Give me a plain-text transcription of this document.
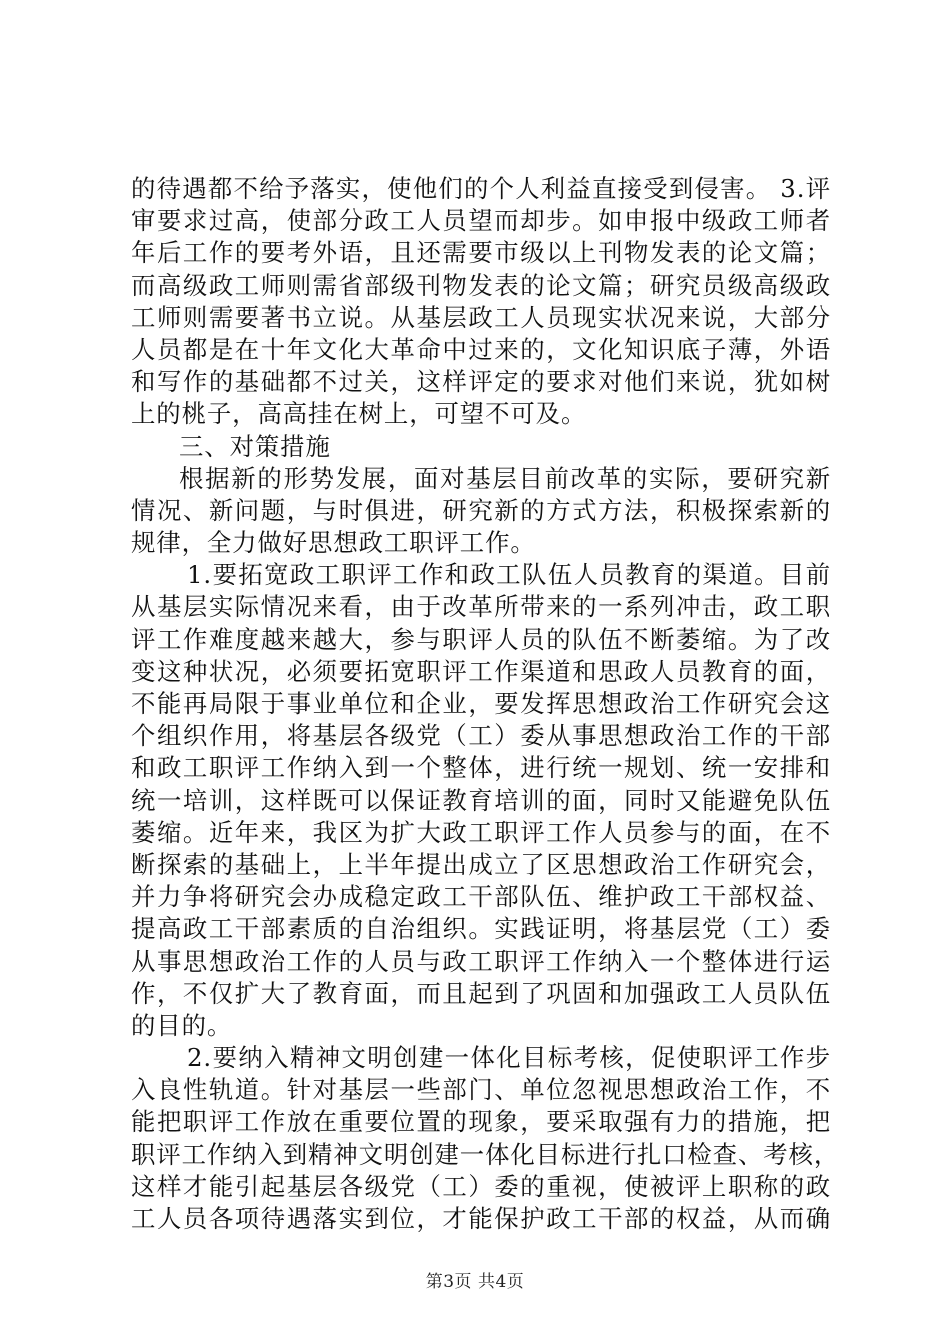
的待遇都不给予落实，使他们的个人利益直接受到侵害。 3.评
审要求过高，使部分政工人员望而却步。如申报中级政工师者
年后工作的要考外语，且还需要市级以上刊物发表的论文篇；
而高级政工师则需省部级刊物发表的论文篇；研究员级高级政
工师则需要著书立说。从基层政工人员现实状况来说，大部分
人员都是在十年文化大革命中过来的，文化知识底子薄，外语
和写作的基础都不过关，这样评定的要求对他们来说，犹如树
上的桃子，高高挂在树上，可望不可及。
三、对策措施
根据新的形势发展，面对基层目前改革的实际，要研究新
情况、新问题，与时俱进，研究新的方式方法，积极探索新的
规律，全力做好思想政工职评工作。
1.要拓宽政工职评工作和政工队伍人员教育的渠道。目前
从基层实际情况来看，由于改革所带来的一系列冲击，政工职
评工作难度越来越大，参与职评人员的队伍不断萎缩。为了改
变这种状况，必须要拓宽职评工作渠道和思政人员教育的面，
不能再局限于事业单位和企业，要发挥思想政治工作研究会这
个组织作用，将基层各级党（工）委从事思想政治工作的干部
和政工职评工作纳入到一个整体，进行统一规划、统一安排和
统一培训，这样既可以保证教育培训的面，同时又能避免队伍
萎缩。近年来，我区为扩大政工职评工作人员参与的面，在不
断探索的基础上，上半年提出成立了区思想政治工作研究会，
并力争将研究会办成稳定政工干部队伍、维护政工干部权益、
提高政工干部素质的自治组织。实践证明，将基层党（工）委
从事思想政治工作的人员与政工职评工作纳入一个整体进行运
作，不仅扩大了教育面，而且起到了巩固和加强政工人员队伍
的目的。
2.要纳入精神文明创建一体化目标考核，促使职评工作步
入良性轨道。针对基层一些部门、单位忽视思想政治工作，不
能把职评工作放在重要位置的现象，要采取强有力的措施，把
职评工作纳入到精神文明创建一体化目标进行扎口检查、考核，
这样才能引起基层各级党（工）委的重视，使被评上职称的政
工人员各项待遇落实到位，才能保护政工干部的权益，从而确
第3页 共4页
